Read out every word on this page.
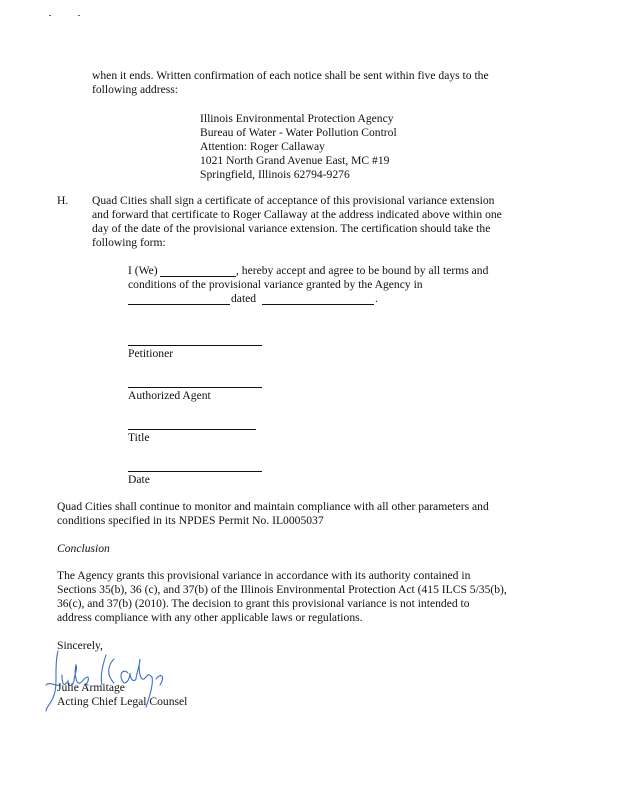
when it ends. Written confirmation of each notice shall be sent within five days to the
following address:
Illinois Environmental Protection Agency
Bureau of Water - Water Pollution Control
Attention: Roger Callaway
1021 North Grand Avenue East, MC #19
Springfield, Illinois 62794-9276
H. Quad Cities shall sign a certificate of acceptance of this provisional variance extension
and forward that certificate to Roger Callaway at the address indicated above within one
day of the date of the provisional variance extension. The certification should take the
following form:
I (We)	, hereby accept and agree to be bound by all terms and
conditions of the provisional variance granted by the Agency in
dated	.
Petitioner
Authorized Agent
Title
Date
Quad Cities shall continue to monitor and maintain compliance with all other parameters and
conditions specified in its NPDES Permit No. IL0005037
Conclusion
The Agency grants this provisional variance in accordance with its authority contained in
Sections 35(b), 36 (c), and 37(b) of the Illinois Environmental Protection Act (415 ILCS 5/35(b),
36(c), and 37(b) (2010). The decision to grant this provisional variance is not intended to
address compliance with any other applicable laws or regulations.
Sincerely,
Julie Armitage
Acting Chief Legal Counsel
